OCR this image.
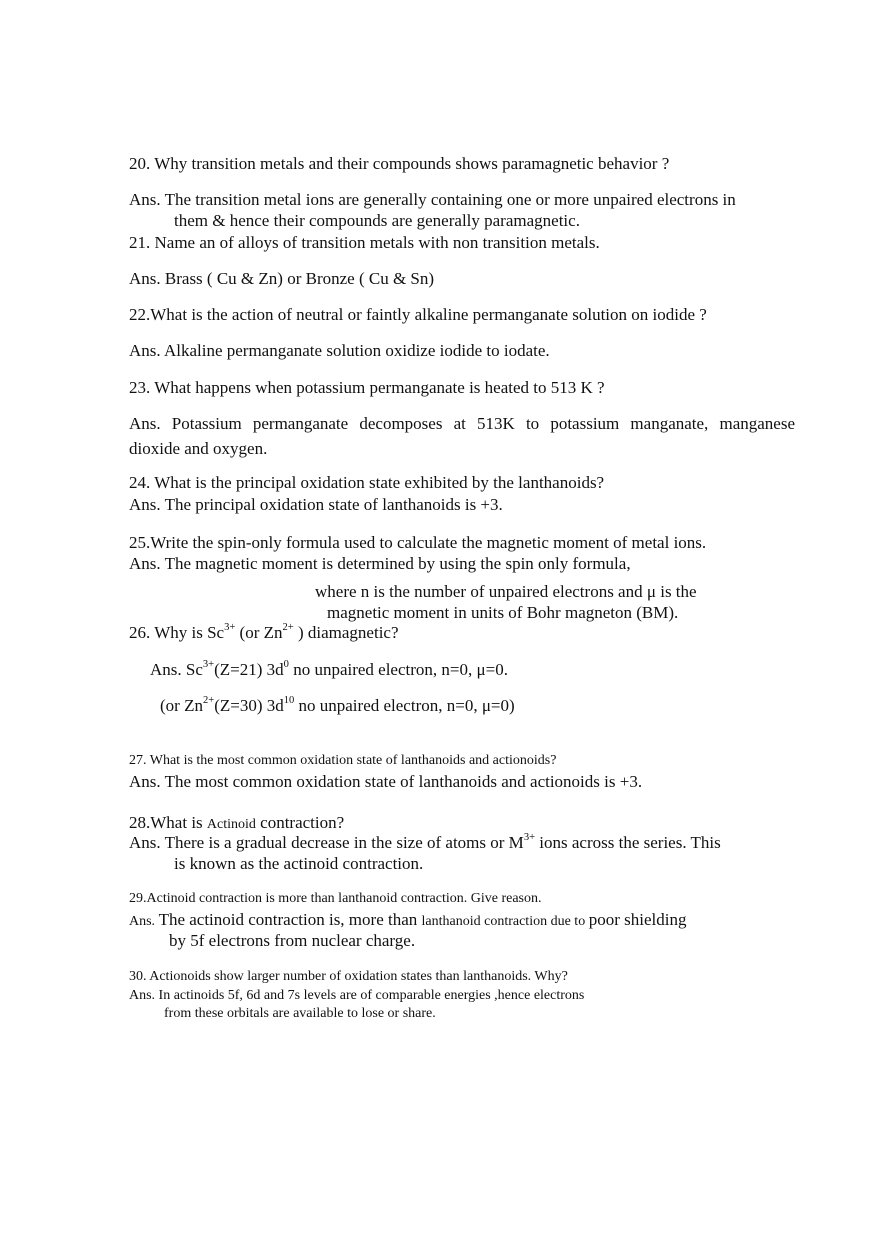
20. Why transition metals and their compounds shows paramagnetic behavior ?
Ans. The transition metal ions are generally containing one or more unpaired electrons in
them & hence their compounds are generally paramagnetic.
21. Name an of alloys of transition metals with non transition metals.
Ans. Brass ( Cu & Zn) or Bronze ( Cu & Sn)
22.What is the action of neutral or faintly alkaline permanganate solution on iodide ?
Ans. Alkaline permanganate solution oxidize iodide to iodate.
23. What happens when potassium permanganate is heated to 513 K ?
Ans. Potassium permanganate decomposes at 513K to potassium manganate, manganese
dioxide and oxygen.
24. What is the principal oxidation state exhibited by the lanthanoids?
Ans. The principal oxidation state of lanthanoids is +3.
25.Write the spin-only formula used to calculate the magnetic moment of metal ions.
Ans. The magnetic moment is determined by using the spin only formula,
where n is the number of unpaired electrons and μ is the
magnetic moment in units of Bohr magneton (BM).
26. Why is $Sc^{3+}$ (or $Zn^{2+}$ ) diamagnetic?
Ans. $Sc^{3+}(Z=21)$ $3d^0$ no unpaired electron, n=0, μ=0.
(or $Zn^{2+}(Z=30)$ $3d^{10}$ no unpaired electron, n=0, μ=0)
27. What is the most common oxidation state of lanthanoids and actionoids?
Ans. The most common oxidation state of lanthanoids and actionoids is +3.
28.What is Actinoid contraction?
Ans. There is a gradual decrease in the size of atoms or $M^{3+}$ ions across the series. This
is known as the actinoid contraction.
29.Actinoid contraction is more than lanthanoid contraction. Give reason.
Ans. The actinoid contraction is, more than lanthanoid contraction due to poor shielding
by 5f electrons from nuclear charge.
30. Actionoids show larger number of oxidation states than lanthanoids. Why?
Ans. In actinoids 5f, 6d and 7s levels are of comparable energies ,hence electrons
from these orbitals are available to lose or share.
